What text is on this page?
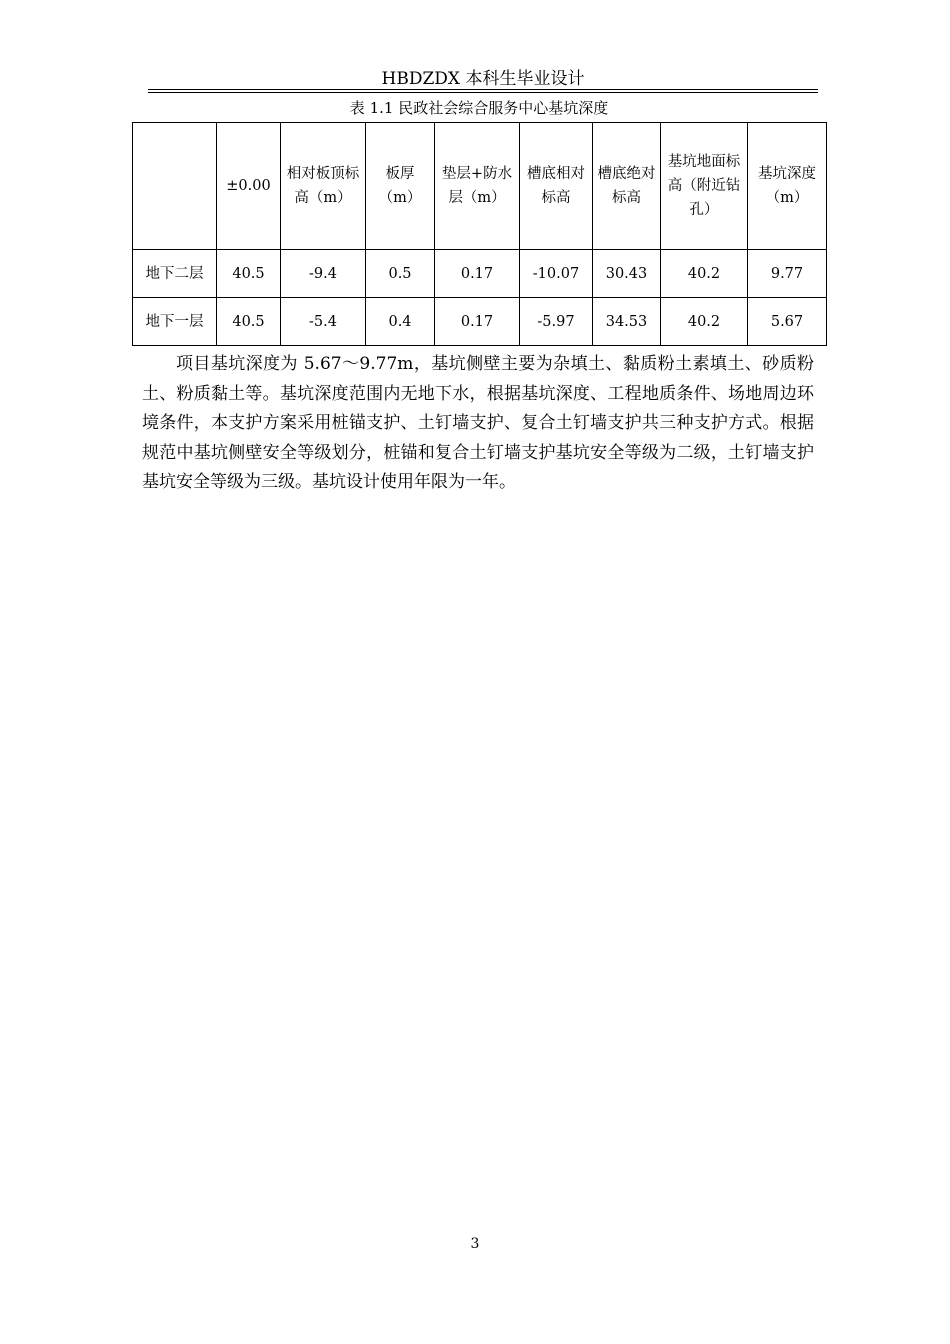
HBDZDX 本科生毕业设计
表 1.1 民政社会综合服务中心基坑深度
	±0.00	相对板顶标高（m）	板厚（m）	垫层+防水层（m）	槽底相对标高	槽底绝对标高	基坑地面标高（附近钻孔）	基坑深度（m）
地下二层	40.5	-9.4	0.5	0.17	-10.07	30.43	40.2	9.77
地下一层	40.5	-5.4	0.4	0.17	-5.97	34.53	40.2	5.67

项目基坑深度为 5.67～9.77m，基坑侧壁主要为杂填土、黏质粉土素填土、砂质粉土、粉质黏土等。基坑深度范围内无地下水，根据基坑深度、工程地质条件、场地周边环境条件，本支护方案采用桩锚支护、土钉墙支护、复合土钉墙支护共三种支护方式。根据规范中基坑侧壁安全等级划分，桩锚和复合土钉墙支护基坑安全等级为二级，土钉墙支护基坑安全等级为三级。基坑设计使用年限为一年。

3
